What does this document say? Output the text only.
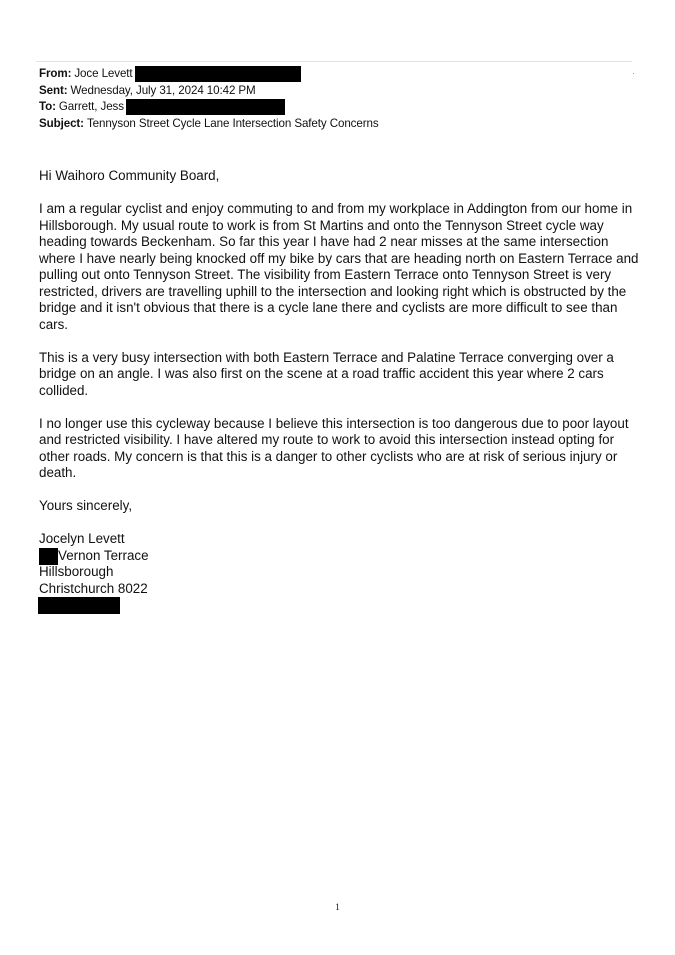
From: Joce Levett
Sent: Wednesday, July 31, 2024 10:42 PM
To: Garrett, Jess
Subject: Tennyson Street Cycle Lane Intersection Safety Concerns

Hi Waihoro Community Board,

I am a regular cyclist and enjoy commuting to and from my workplace in Addington from our home in
Hillsborough. My usual route to work is from St Martins and onto the Tennyson Street cycle way
heading towards Beckenham. So far this year I have had 2 near misses at the same intersection
where I have nearly being knocked off my bike by cars that are heading north on Eastern Terrace and
pulling out onto Tennyson Street. The visibility from Eastern Terrace onto Tennyson Street is very
restricted, drivers are travelling uphill to the intersection and looking right which is obstructed by the
bridge and it isn't obvious that there is a cycle lane there and cyclists are more difficult to see than
cars.

This is a very busy intersection with both Eastern Terrace and Palatine Terrace converging over a
bridge on an angle. I was also first on the scene at a road traffic accident this year where 2 cars
collided.

I no longer use this cycleway because I believe this intersection is too dangerous due to poor layout
and restricted visibility. I have altered my route to work to avoid this intersection instead opting for
other roads. My concern is that this is a danger to other cyclists who are at risk of serious injury or
death.

Yours sincerely,

Jocelyn Levett
Vernon Terrace
Hillsborough
Christchurch 8022
1
